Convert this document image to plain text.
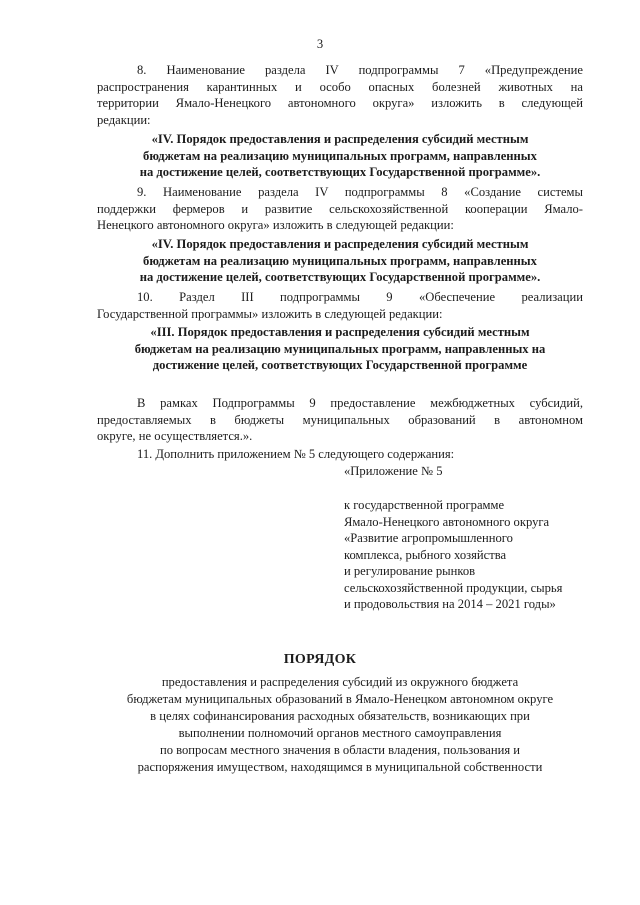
3
8. Наименование раздела IV подпрограммы 7 «Предупреждение
распространения карантинных и особо опасных болезней животных на
территории Ямало-Ненецкого автономного округа» изложить в следующей
редакции:
«IV. Порядок предоставления и распределения субсидий местным
бюджетам на реализацию муниципальных программ, направленных
на достижение целей, соответствующих Государственной программе».
9. Наименование раздела IV подпрограммы 8 «Создание системы
поддержки фермеров и развитие сельскохозяйственной кооперации Ямало-
Ненецкого автономного округа» изложить в следующей редакции:
«IV. Порядок предоставления и распределения субсидий местным
бюджетам на реализацию муниципальных программ, направленных
на достижение целей, соответствующих Государственной программе».
10. Раздел III подпрограммы 9 «Обеспечение реализации
Государственной программы» изложить в следующей редакции:
«III. Порядок предоставления и распределения субсидий местным
бюджетам на реализацию муниципальных программ, направленных на
достижение целей, соответствующих Государственной программе
В рамках Подпрограммы 9 предоставление межбюджетных субсидий,
предоставляемых в бюджеты муниципальных образований в автономном
округе, не осуществляется.».
11. Дополнить приложением № 5 следующего содержания:
«Приложение № 5
к государственной программе
Ямало-Ненецкого автономного округа
«Развитие агропромышленного
комплекса, рыбного хозяйства
и регулирование рынков
сельскохозяйственной продукции, сырья
и продовольствия на 2014 – 2021 годы»
ПОРЯДОК
предоставления и распределения субсидий из окружного бюджета
бюджетам муниципальных образований в Ямало-Ненецком автономном округе
в целях софинансирования расходных обязательств, возникающих при
выполнении полномочий органов местного самоуправления
по вопросам местного значения в области владения, пользования и
распоряжения имуществом, находящимся в муниципальной собственности
